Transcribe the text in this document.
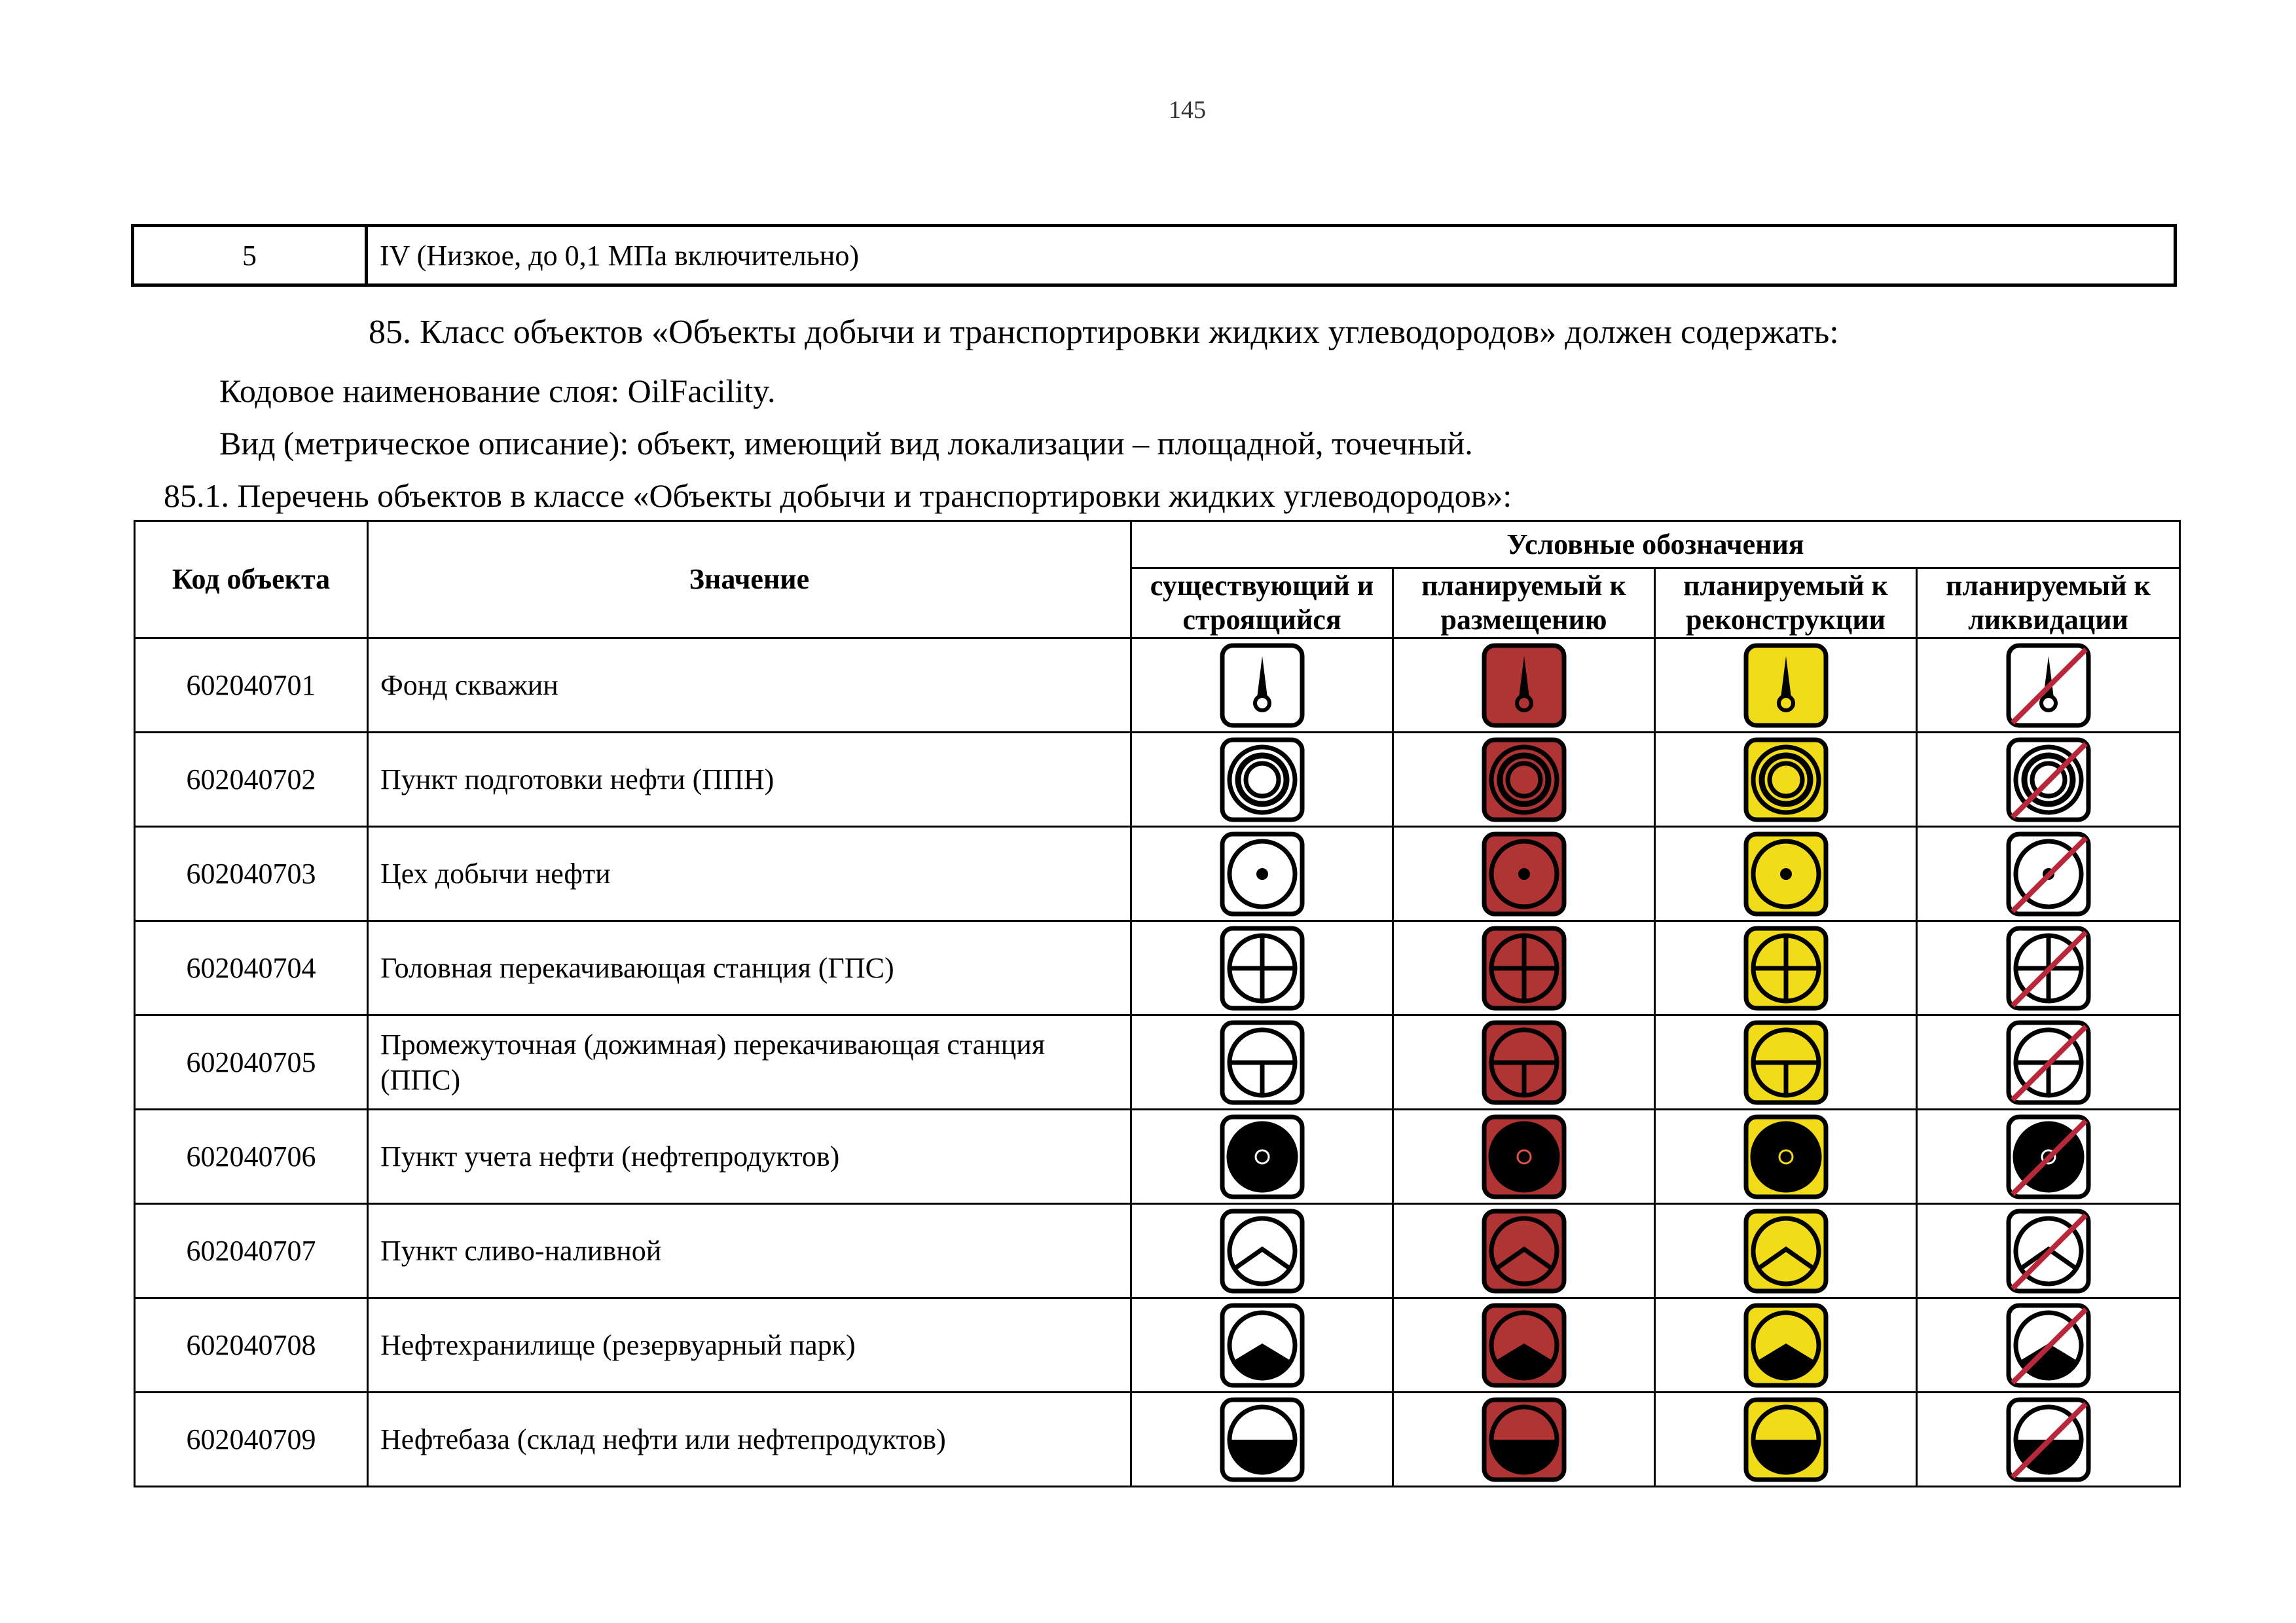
145
5	IV (Низкое, до 0,1 МПа включительно)
85. Класс объектов «Объекты добычи и транспортировки жидких углеводородов» должен содержать:
Кодовое наименование слоя: OilFacility.
Вид (метрическое описание): объект, имеющий вид локализации – площадной, точечный.
85.1. Перечень объектов в классе «Объекты добычи и транспортировки жидких углеводородов»:
Код объекта	Значение	Условные обозначения			
		существующий и строящийся	планируемый к размещению	планируемый к реконструкции	планируемый к ликвидации
602040701	Фонд скважин	

602040702	Пункт подготовки нефти (ППН)	

602040703	Цех добычи нефти	

602040704	Головная перекачивающая станция (ГПС)	

602040705	Промежуточная (дожимная) перекачивающая станция (ППС)	

602040706	Пункт учета нефти (нефтепродуктов)	

602040707	Пункт сливо-наливной	

602040708	Нефтехранилище (резервуарный парк)	

602040709	Нефтебаза (склад нефти или нефтепродуктов)	
